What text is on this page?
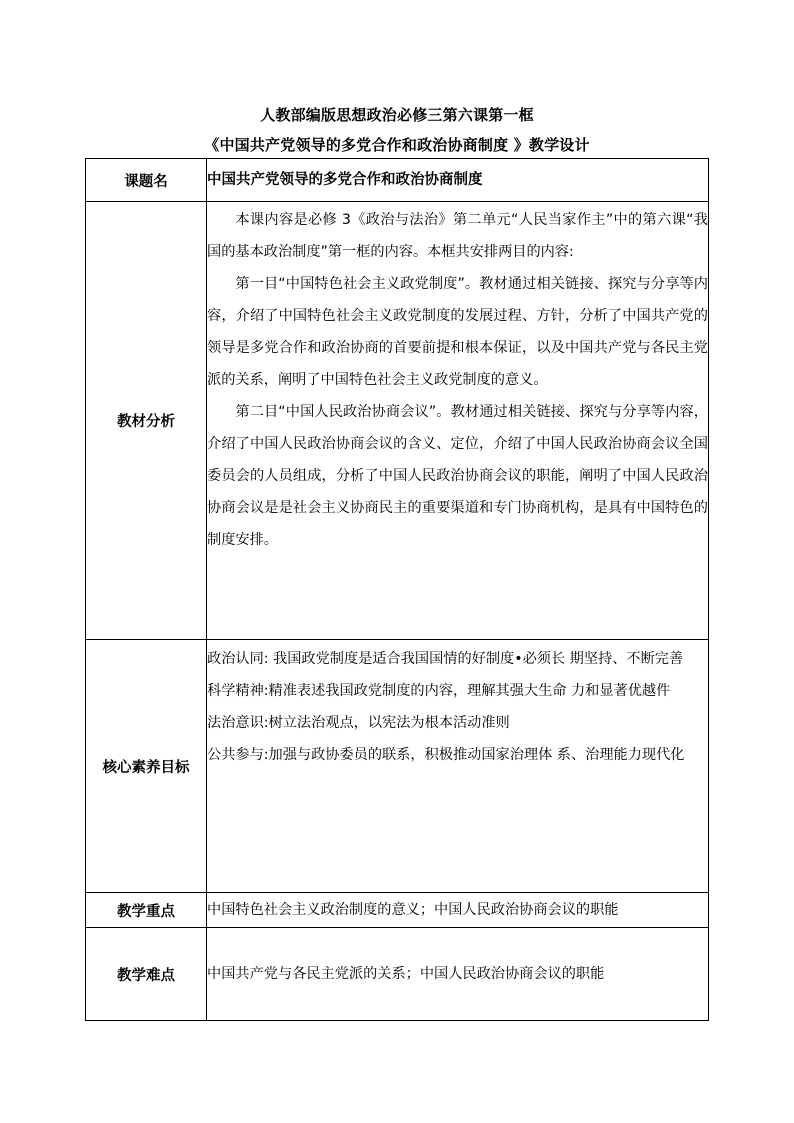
人教部编版思想政治必修三第六课第一框
《中国共产党领导的多党合作和政治协商制度 》教学设计
课题名	中国共产党领导的多党合作和政治协商制度
教材分析	本课内容是必修 3《政治与法治》第二单元“人民当家作主”中的第六课“我国的基本政治制度”第一框的内容。本框共安排两目的内容:

第一目“中国特色社会主义政党制度”。教材通过相关链接、探究与分享等内容，介绍了中国特色社会主义政党制度的发展过程、方针，分析了中国共产党的领导是多党合作和政治协商的首要前提和根本保证，以及中国共产党与各民主党派的关系，阐明了中国特色社会主义政党制度的意义。

第二目“中国人民政治协商会议”。教材通过相关链接、探究与分享等内容，介绍了中国人民政治协商会议的含义、定位，介绍了中国人民政治协商会议全国委员会的人员组成，分析了中国人民政治协商会议的职能，阐明了中国人民政治协商会议是是社会主义协商民主的重要渠道和专门协商机构，是具有中国特色的制度安排。

核心素养目标	政治认同: 我国政党制度是适合我国国情的好制度•必须长 期坚持、不断完善

科学精神:精准表述我国政党制度的内容，理解其强大生命 力和显著优越件

法治意识:树立法治观点，以宪法为根本活动准则

公共参与:加强与政协委员的联系，积极推动国家治理体 系、治理能力现代化

教学重点	中国特色社会主义政治制度的意义；中国人民政治协商会议的职能
教学难点	中国共产党与各民主党派的关系；中国人民政治协商会议的职能
